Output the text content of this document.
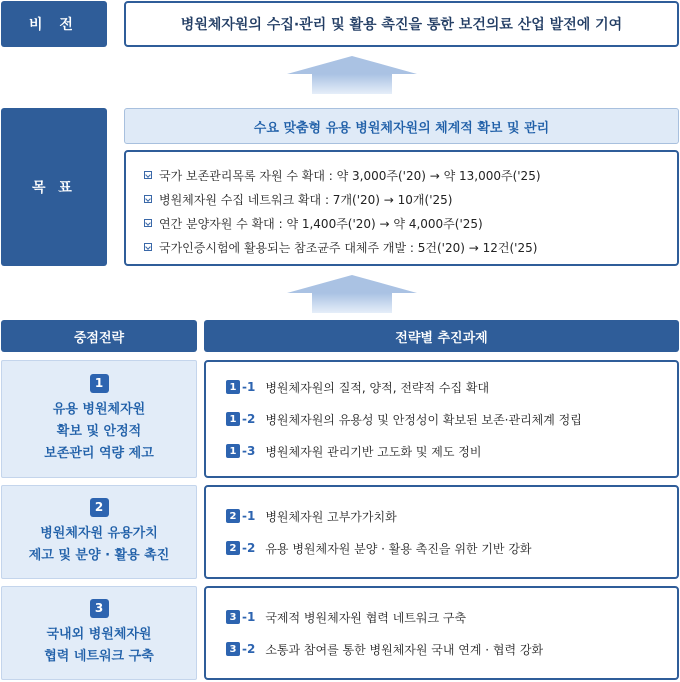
비 전	병원체자원의 수집·관리 및 활용 촉진을 통한 보건의료 산업 발전에 기여
목 표
수요 맞춤형 유용 병원체자원의 체계적 확보 및 관리
국가 보존관리목록 자원 수 확대 : 약 3,000주('20) → 약 13,000주('25)
병원체자원 수집 네트워크 확대 : 7개('20) → 10개('25)
연간 분양자원 수 확대 : 약 1,400주('20) → 약 4,000주('25)
국가인증시험에 활용되는 참조균주 대체주 개발 : 5건('20) → 12건('25)
중점전략	전략별 추진과제
1
유용 병원체자원
확보 및 안정적
보존관리 역량 제고
1 -1 병원체자원의 질적, 양적, 전략적 수집 확대
1 -2 병원체자원의 유용성 및 안정성이 확보된 보존·관리체계 정립
1 -3 병원체자원 관리기반 고도화 및 제도 정비
2
병원체자원 유용가치
제고 및 분양 · 활용 촉진
2 -1 병원체자원 고부가가치화
2 -2 유용 병원체자원 분양 · 활용 촉진을 위한 기반 강화
3
국내외 병원체자원
협력 네트워크 구축
3 -1 국제적 병원체자원 협력 네트워크 구축
3 -2 소통과 참여를 통한 병원체자원 국내 연계 · 협력 강화
